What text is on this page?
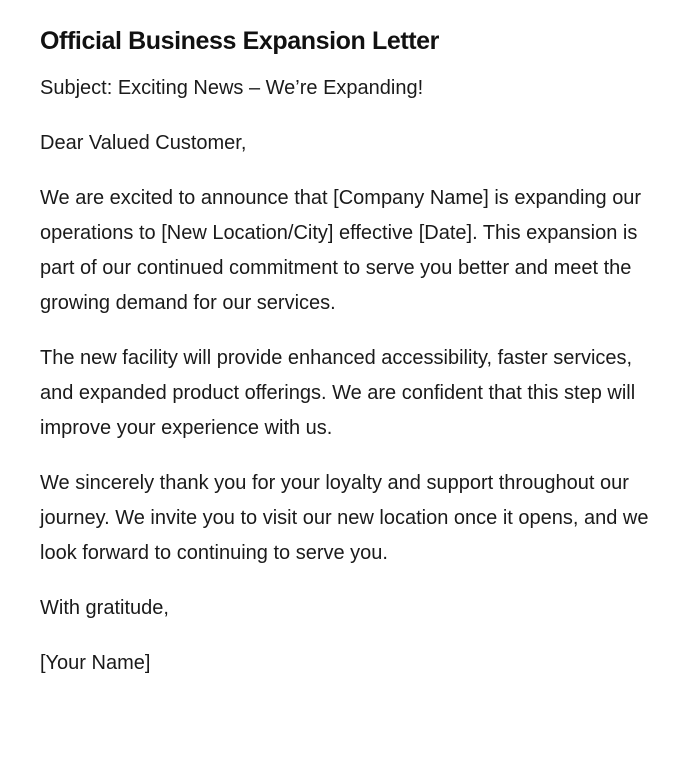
Official Business Expansion Letter

Subject: Exciting News – We’re Expanding!

Dear Valued Customer,

We are excited to announce that [Company Name] is expanding our operations to [New Location/City] effective [Date]. This expansion is part of our continued commitment to serve you better and meet the growing demand for our services.

The new facility will provide enhanced accessibility, faster services, and expanded product offerings. We are confident that this step will improve your experience with us.

We sincerely thank you for your loyalty and support throughout our journey. We invite you to visit our new location once it opens, and we look forward to continuing to serve you.

With gratitude,

[Your Name]
